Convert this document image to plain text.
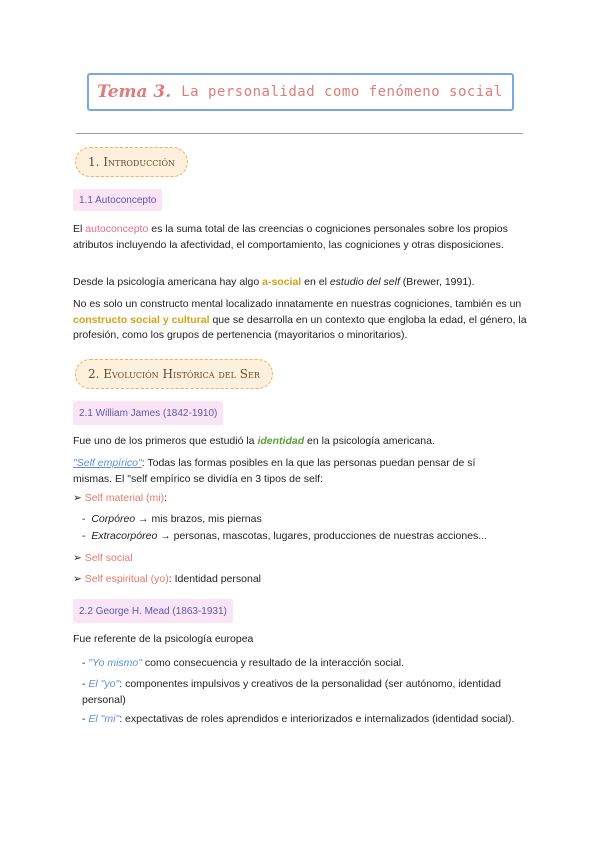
Tema 3. La personalidad como fenómeno social
1. Introducción
1.1 Autoconcepto
El autoconcepto es la suma total de las creencias o cogniciones personales sobre los propios atributos incluyendo la afectividad, el comportamiento, las cogniciones y otras disposiciones.
Desde la psicología americana hay algo a-social en el estudio del self (Brewer, 1991).
No es solo un constructo mental localizado innatamente en nuestras cogniciones, también es un constructo social y cultural que se desarrolla en un contexto que engloba la edad, el género, la profesión, como los grupos de pertenencia (mayoritarios o minoritarios).
2. Evolución Histórica del Ser
2.1 William James (1842-1910)
Fue uno de los primeros que estudió la identidad en la psicología americana.
"Self empírico": Todas las formas posibles en la que las personas puedan pensar de sí mismas. El "self empírico se dividía en 3 tipos de self:
➢ Self material (mi):
- Corpóreo → mis brazos, mis piernas
- Extracorpóreo → personas, mascotas, lugares, producciones de nuestras acciones...
➢ Self social
➢ Self espiritual (yo): Identidad personal
2.2 George H. Mead (1863-1931)
Fue referente de la psicología europea
- "Yo mismo" como consecuencia y resultado de la interacción social.
- El "yo": componentes impulsivos y creativos de la personalidad (ser autónomo, identidad personal)
- El "mi": expectativas de roles aprendidos e interiorizados e internalizados (identidad social).
